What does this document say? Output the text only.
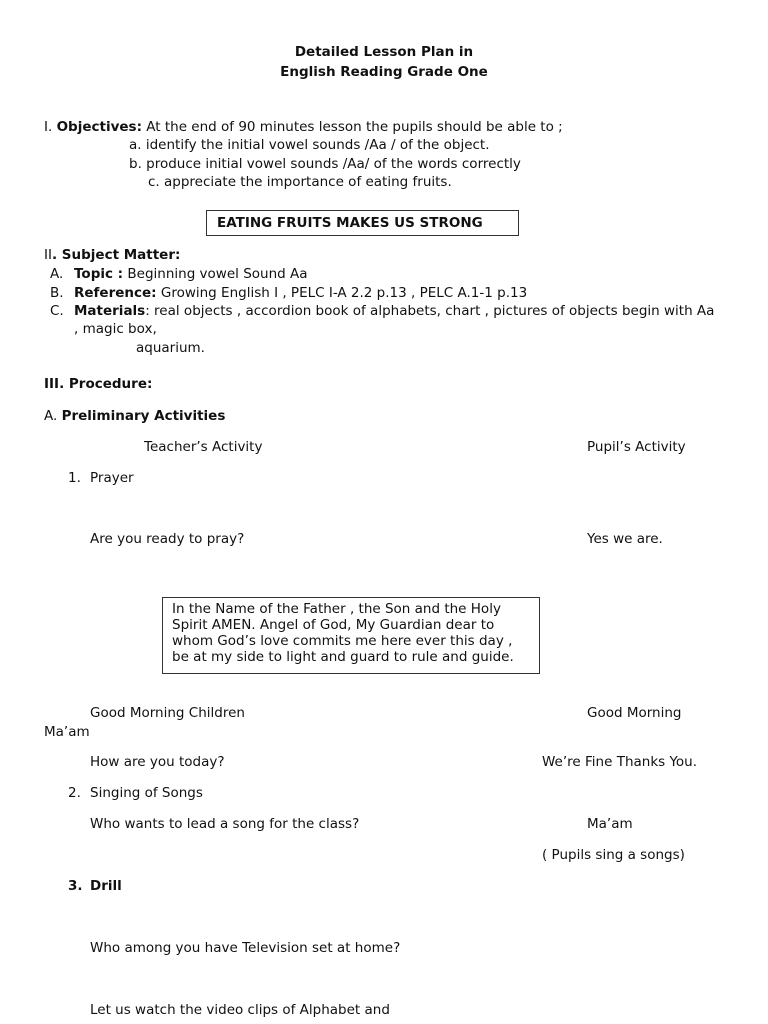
Detailed Lesson Plan in
English Reading Grade One
I. Objectives: At the end of 90 minutes lesson the pupils should be able to ;
a. identify the initial vowel sounds /Aa / of the object.
b. produce initial vowel sounds /Aa/ of the words correctly
c. appreciate the importance of eating fruits.
EATING FRUITS MAKES US STRONG
II. Subject Matter:
A. Topic : Beginning vowel Sound Aa
B. Reference: Growing English I , PELC I-A 2.2 p.13 , PELC A.1-1 p.13
C. Materials: real objects , accordion book of alphabets, chart , pictures of objects begin with Aa
, magic box,
aquarium.
III. Procedure:
A. Preliminary Activities
Teacher’s Activity	Pupil’s Activity
1. Prayer
Are you ready to pray?	Yes we are.
In the Name of the Father , the Son and the Holy Spirit AMEN. Angel of God, My Guardian dear to whom God’s love commits me here ever this day , be at my side to light and guard to rule and guide.
Good Morning Children	Good Morning
Ma’am
How are you today?	We’re Fine Thanks You.
2. Singing of Songs
Who wants to lead a song for the class?	Ma’am
( Pupils sing a songs)
3. Drill
Who among you have Television set at home?
Let us watch the video clips of Alphabet and
